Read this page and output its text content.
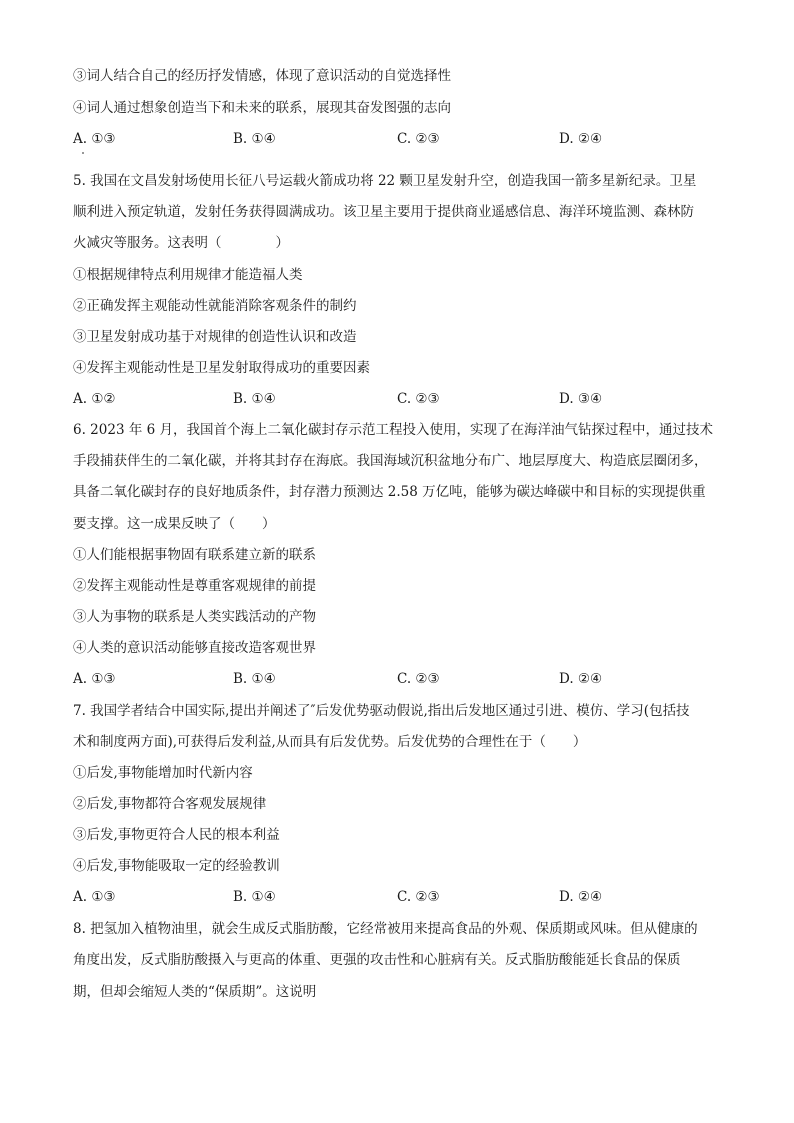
③词人结合自己的经历抒发情感，体现了意识活动的自觉选择性
④词人通过想象创造当下和未来的联系，展现其奋发图强的志向
A. ①③	B. ①④	C. ②③	D. ②④
5. 我国在文昌发射场使用长征八号运载火箭成功将 22 颗卫星发射升空，创造我国一箭多星新纪录。卫星
顺利进入预定轨道，发射任务获得圆满成功。该卫星主要用于提供商业遥感信息、海洋环境监测、森林防
火减灾等服务。这表明（　　　　）
①根据规律特点利用规律才能造福人类
②正确发挥主观能动性就能消除客观条件的制约
③卫星发射成功基于对规律的创造性认识和改造
④发挥主观能动性是卫星发射取得成功的重要因素
A. ①②	B. ①④	C. ②③	D. ③④
6. 2023 年 6 月，我国首个海上二氧化碳封存示范工程投入使用，实现了在海洋油气钻探过程中，通过技术
手段捕获伴生的二氧化碳，并将其封存在海底。我国海域沉积盆地分布广、地层厚度大、构造底层圈闭多，
具备二氧化碳封存的良好地质条件，封存潜力预测达 2.58 万亿吨，能够为碳达峰碳中和目标的实现提供重
要支撑。这一成果反映了（　　）
①人们能根据事物固有联系建立新的联系
②发挥主观能动性是尊重客观规律的前提
③人为事物的联系是人类实践活动的产物
④人类的意识活动能够直接改造客观世界
A. ①③	B. ①④	C. ②③	D. ②④
7. 我国学者结合中国实际,提出并阐述了″后发优势驱动假说,指出后发地区通过引进、模仿、学习(包括技
术和制度两方面),可获得后发利益,从而具有后发优势。后发优势的合理性在于（　　）
①后发,事物能增加时代新内容
②后发,事物都符合客观发展规律
③后发,事物更符合人民的根本利益
④后发,事物能吸取一定的经验教训
A. ①③	B. ①④	C. ②③	D. ②④
8. 把氢加入植物油里，就会生成反式脂肪酸，它经常被用来提高食品的外观、保质期或风味。但从健康的
角度出发，反式脂肪酸摄入与更高的体重、更强的攻击性和心脏病有关。反式脂肪酸能延长食品的保质
期，但却会缩短人类的“保质期”。这说明
